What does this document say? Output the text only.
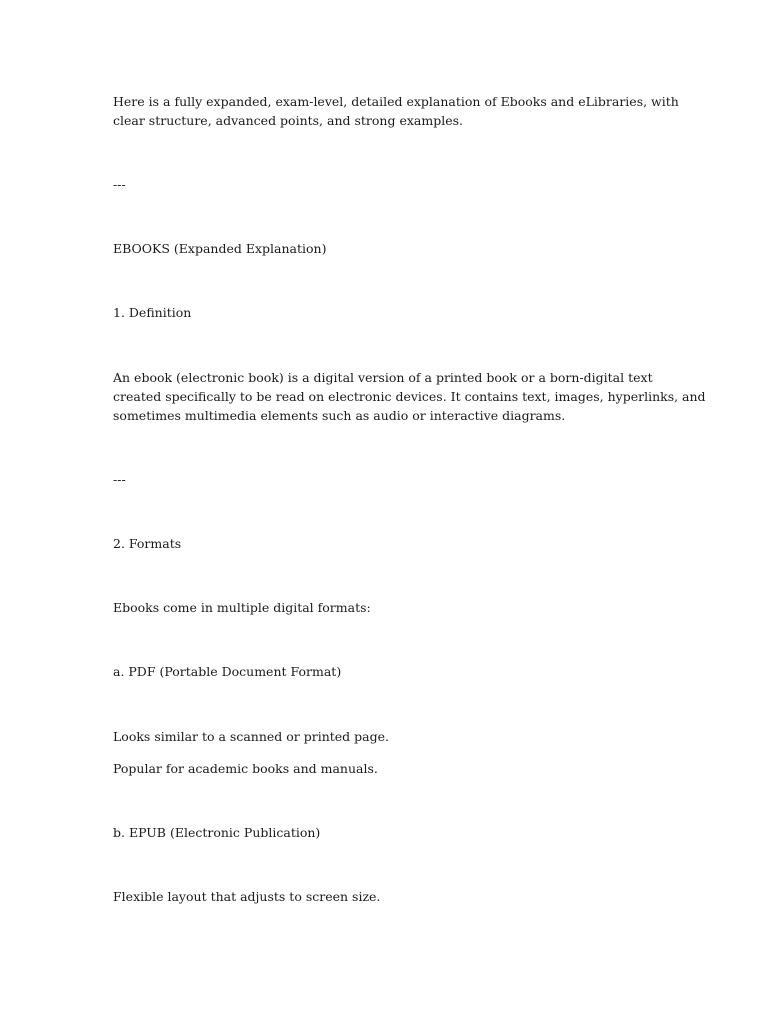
Here is a fully expanded, exam-level, detailed explanation of Ebooks and eLibraries, with

clear structure, advanced points, and strong examples.

---

EBOOKS (Expanded Explanation)

1. Definition

An ebook (electronic book) is a digital version of a printed book or a born-digital text

created specifically to be read on electronic devices. It contains text, images, hyperlinks, and

sometimes multimedia elements such as audio or interactive diagrams.

---

2. Formats

Ebooks come in multiple digital formats:

a. PDF (Portable Document Format)

Looks similar to a scanned or printed page.

Popular for academic books and manuals.

b. EPUB (Electronic Publication)

Flexible layout that adjusts to screen size.
